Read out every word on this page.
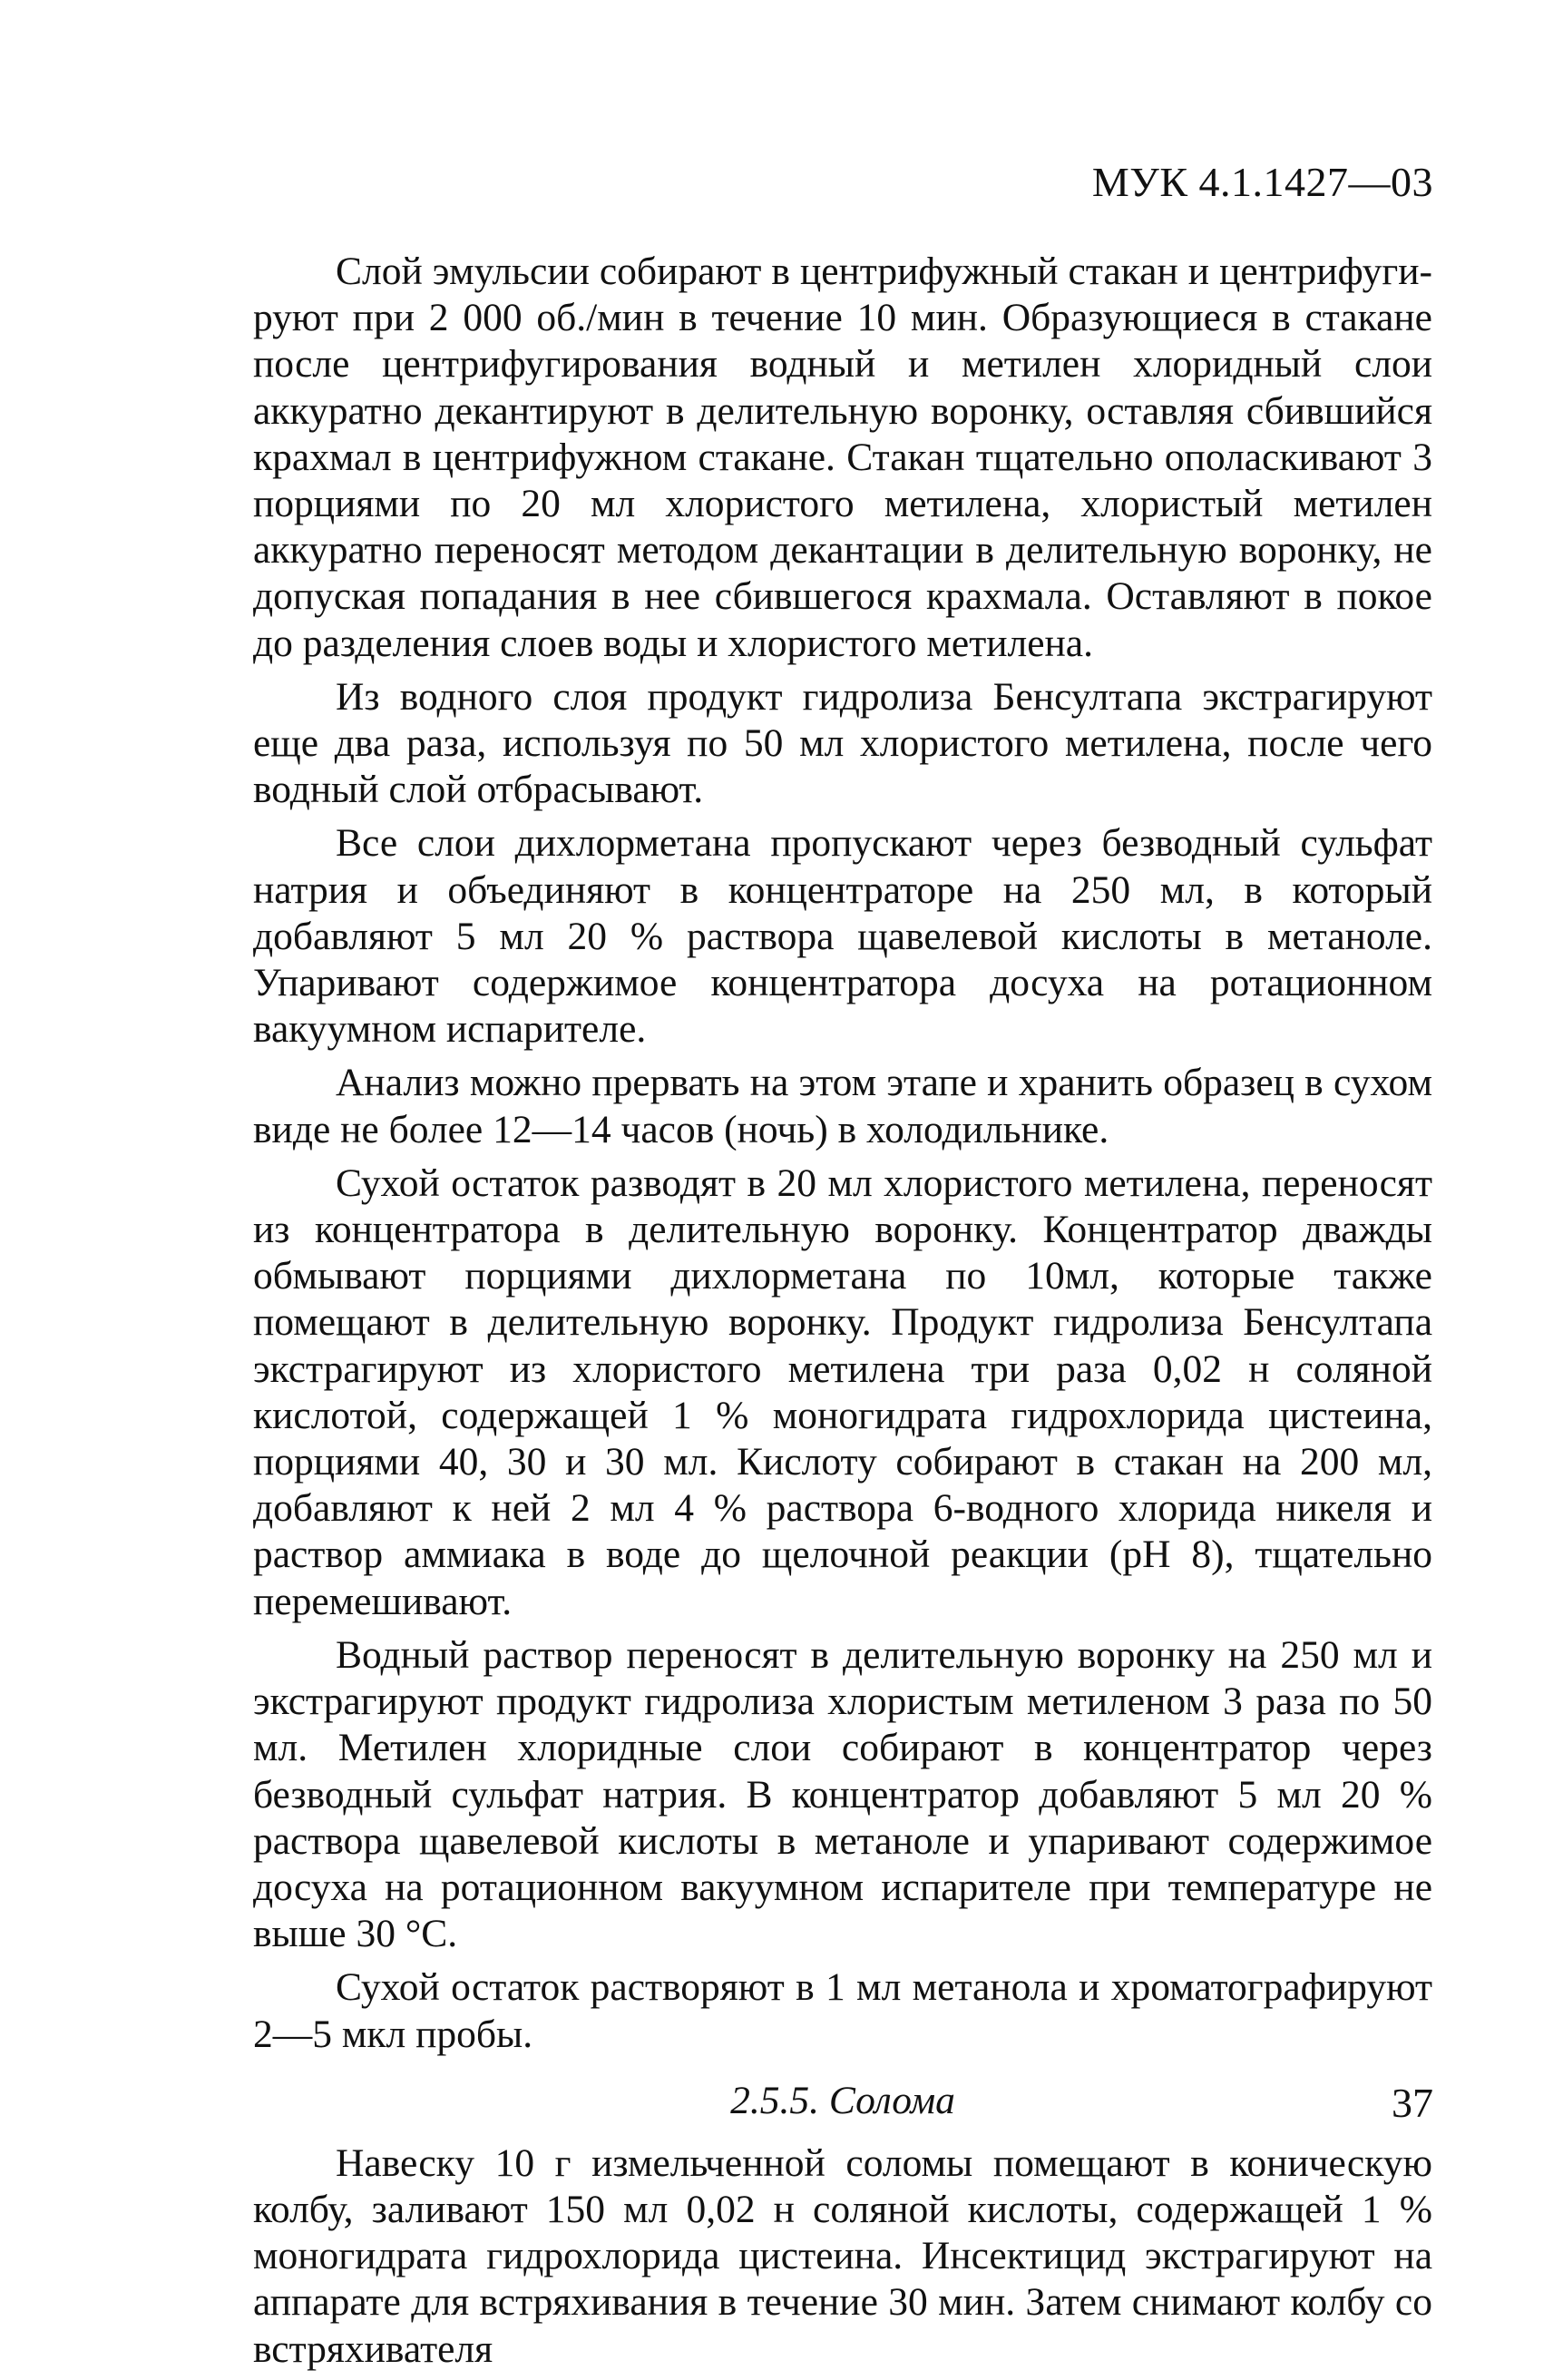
МУК 4.1.1427—03

Слой эмульсии собирают в центрифужный стакан и центрифугируют при 2 000 об./мин в течение 10 мин. Образующиеся в стакане после центрифугирования водный и метилен хлоридный слои аккуратно декантируют в делительную воронку, оставляя сбившийся крахмал в центрифужном стакане. Стакан тщательно ополаскивают 3 порциями по 20 мл хлористого метилена, хлористый метилен аккуратно переносят методом декантации в делительную воронку, не допуская попадания в нее сбившегося крахмала. Оставляют в покое до разделения слоев воды и хлористого метилена.

Из водного слоя продукт гидролиза Бенсултапа экстрагируют еще два раза, используя по 50 мл хлористого метилена, после чего водный слой отбрасывают.

Все слои дихлорметана пропускают через безводный сульфат натрия и объединяют в концентраторе на 250 мл, в который добавляют 5 мл 20 % раствора щавелевой кислоты в метаноле. Упаривают содержимое концентратора досуха на ротационном вакуумном испарителе.

Анализ можно прервать на этом этапе и хранить образец в сухом виде не более 12—14 часов (ночь) в холодильнике.

Сухой остаток разводят в 20 мл хлористого метилена, переносят из концентратора в делительную воронку. Концентратор дважды обмывают порциями дихлорметана по 10мл, которые также помещают в делительную воронку. Продукт гидролиза Бенсултапа экстрагируют из хлористого метилена три раза 0,02 н соляной кислотой, содержащей 1 % моногидрата гидрохлорида цистеина, порциями 40, 30 и 30 мл. Кислоту собирают в стакан на 200 мл, добавляют к ней 2 мл 4 % раствора 6-водного хлорида никеля и раствор аммиака в воде до щелочной реакции (pH 8), тщательно перемешивают.

Водный раствор переносят в делительную воронку на 250 мл и экстрагируют продукт гидролиза хлористым метиленом 3 раза по 50 мл. Метилен хлоридные слои собирают в концентратор через безводный сульфат натрия. В концентратор добавляют 5 мл 20 % раствора щавелевой кислоты в метаноле и упаривают содержимое досуха на ротационном вакуумном испарителе при температуре не выше 30 °С.

Сухой остаток растворяют в 1 мл метанола и хроматографируют 2—5 мкл пробы.

2.5.5. Солома

Навеску 10 г измельченной соломы помещают в коническую колбу, заливают 150 мл 0,02 н соляной кислоты, содержащей 1 % моногидрата гидрохлорида цистеина. Инсектицид экстрагируют на аппарате для встряхивания в течение 30 мин. Затем снимают колбу со встряхивателя

37
